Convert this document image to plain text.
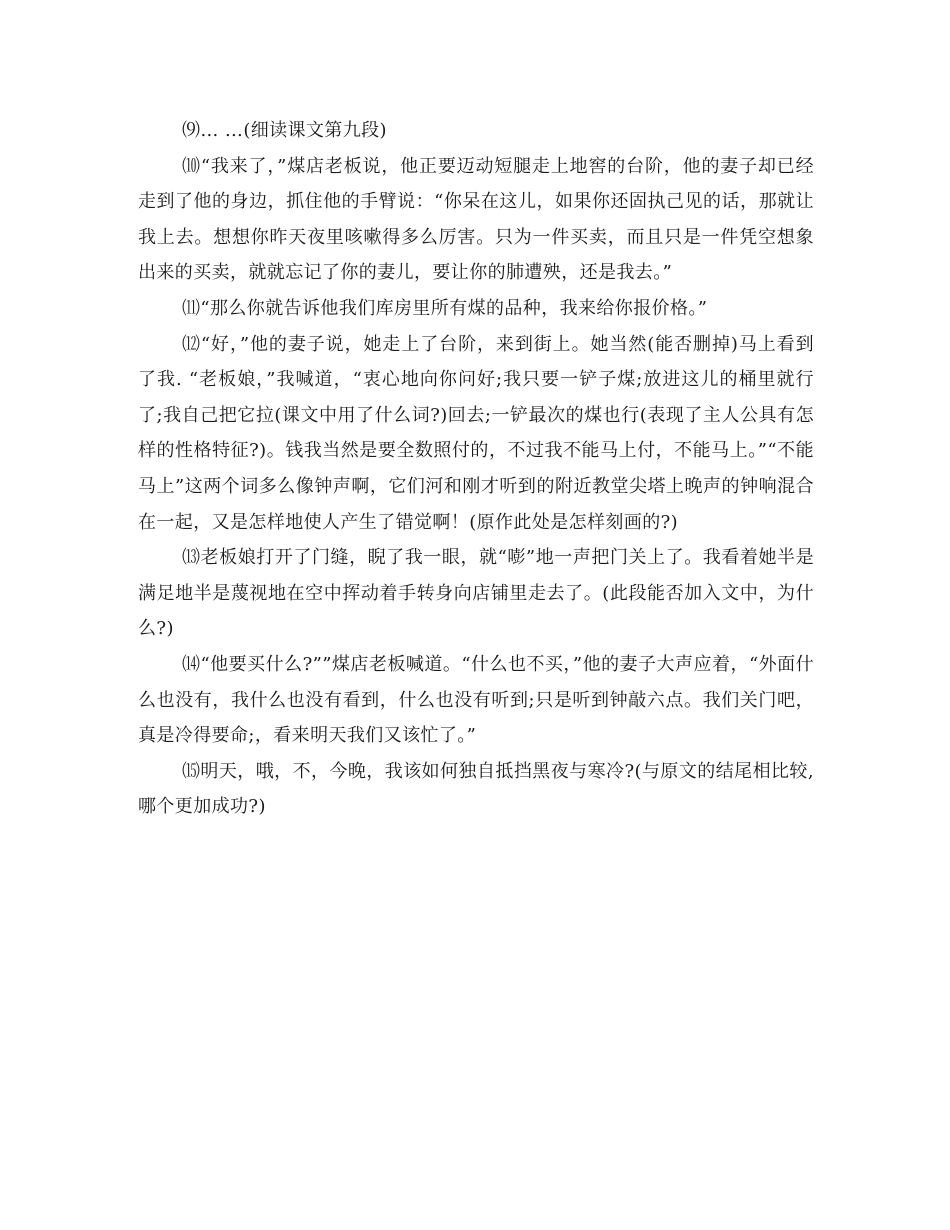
⑼… …(细读课文第九段)

⑽“我来了，”煤店老板说，他正要迈动短腿走上地窖的台阶，他的妻子却已经走到了他的身边，抓住他的手臂说：“你呆在这儿，如果你还固执己见的话，那就让我上去。想想你昨天夜里咳嗽得多么厉害。只为一件买卖，而且只是一件凭空想象出来的买卖，就就忘记了你的妻儿，要让你的肺遭殃，还是我去。”

⑾“那么你就告诉他我们库房里所有煤的品种，我来给你报价格。”

⑿“好，”他的妻子说，她走上了台阶，来到街上。她当然(能否删掉)马上看到了我. “老板娘，”我喊道，“衷心地向你问好;我只要一铲子煤;放进这儿的桶里就行了;我自己把它拉(课文中用了什么词?)回去;一铲最次的煤也行(表现了主人公具有怎样的性格特征?)。钱我当然是要全数照付的，不过我不能马上付，不能马上。”“不能马上”这两个词多么像钟声啊，它们河和刚才听到的附近教堂尖塔上晚声的钟响混合在一起，又是怎样地使人产生了错觉啊！(原作此处是怎样刻画的?)

⒀老板娘打开了门缝，睨了我一眼，就“嘭”地一声把门关上了。我看着她半是满足地半是蔑视地在空中挥动着手转身向店铺里走去了。(此段能否加入文中，为什么?)

⒁“他要买什么?””煤店老板喊道。“什么也不买，”他的妻子大声应着，“外面什么也没有，我什么也没有看到，什么也没有听到;只是听到钟敲六点。我们关门吧，真是冷得要命;，看来明天我们又该忙了。”

⒂明天，哦，不，今晚，我该如何独自抵挡黑夜与寒冷?(与原文的结尾相比较,哪个更加成功?)
